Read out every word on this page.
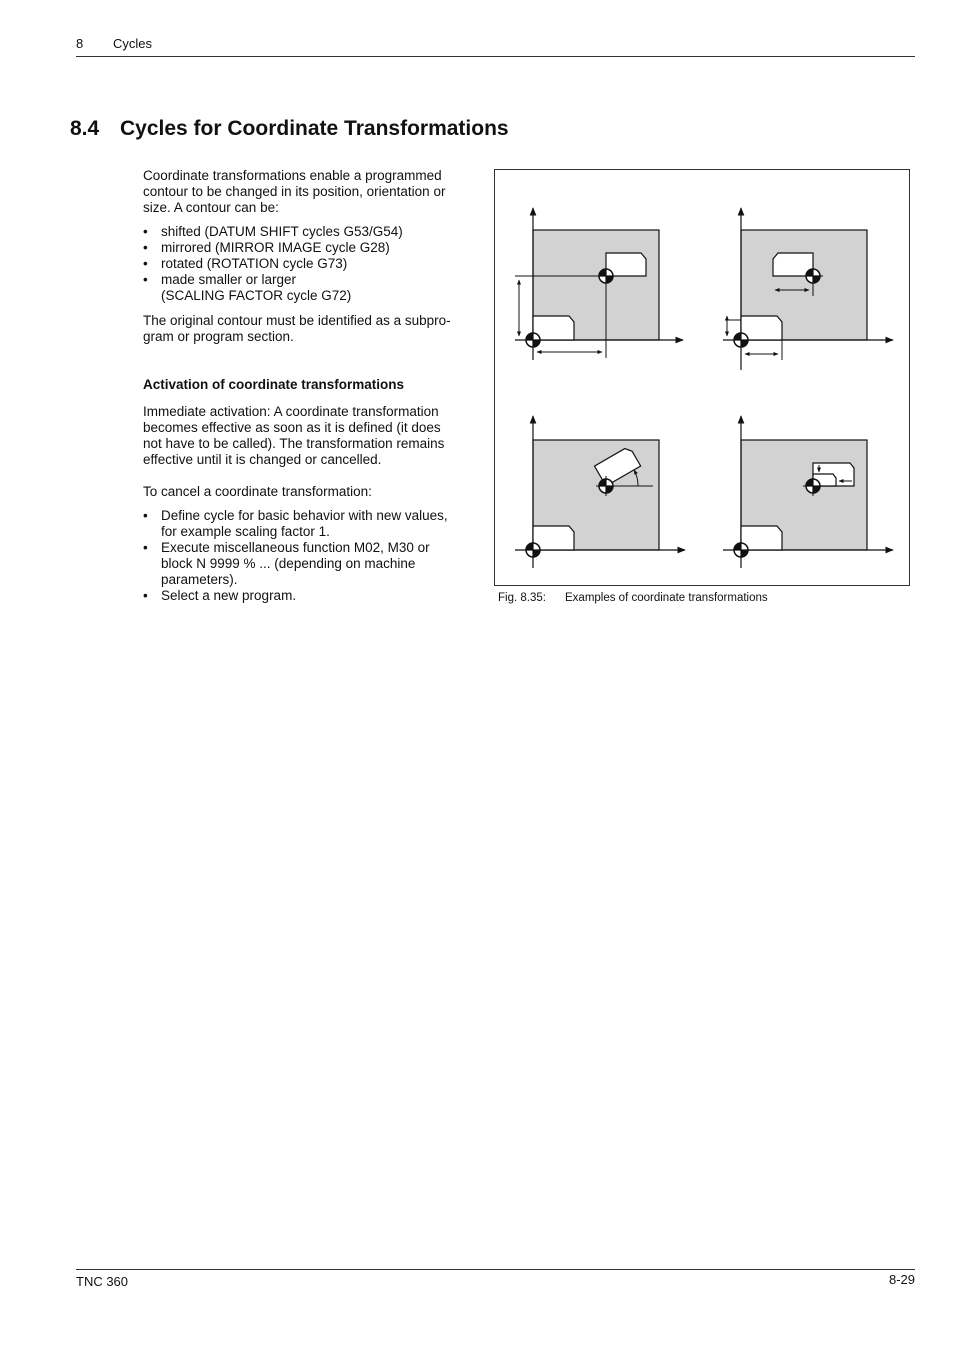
8 Cycles
8.4 Cycles for Coordinate Transformations

Coordinate transformations enable a programmed
contour to be changed in its position, orientation or
size. A contour can be:

• shifted (DATUM SHIFT cycles G53/G54)
• mirrored (MIRROR IMAGE cycle G28)
• rotated (ROTATION cycle G73)
• made smaller or larger
(SCALING FACTOR cycle G72)

The original contour must be identified as a subpro-
gram or program section.

Activation of coordinate transformations

Immediate activation: A coordinate transformation
becomes effective as soon as it is defined (it does
not have to be called). The transformation remains
effective until it is changed or cancelled.

To cancel a coordinate transformation:
• Define cycle for basic behavior with new values,
for example scaling factor 1.
• Execute miscellaneous function M02, M30 or
block N 9999 % ... (depending on machine
parameters).
• Select a new program.	Fig. 8.35: Examples of coordinate transformations
TNC 360	8-29
